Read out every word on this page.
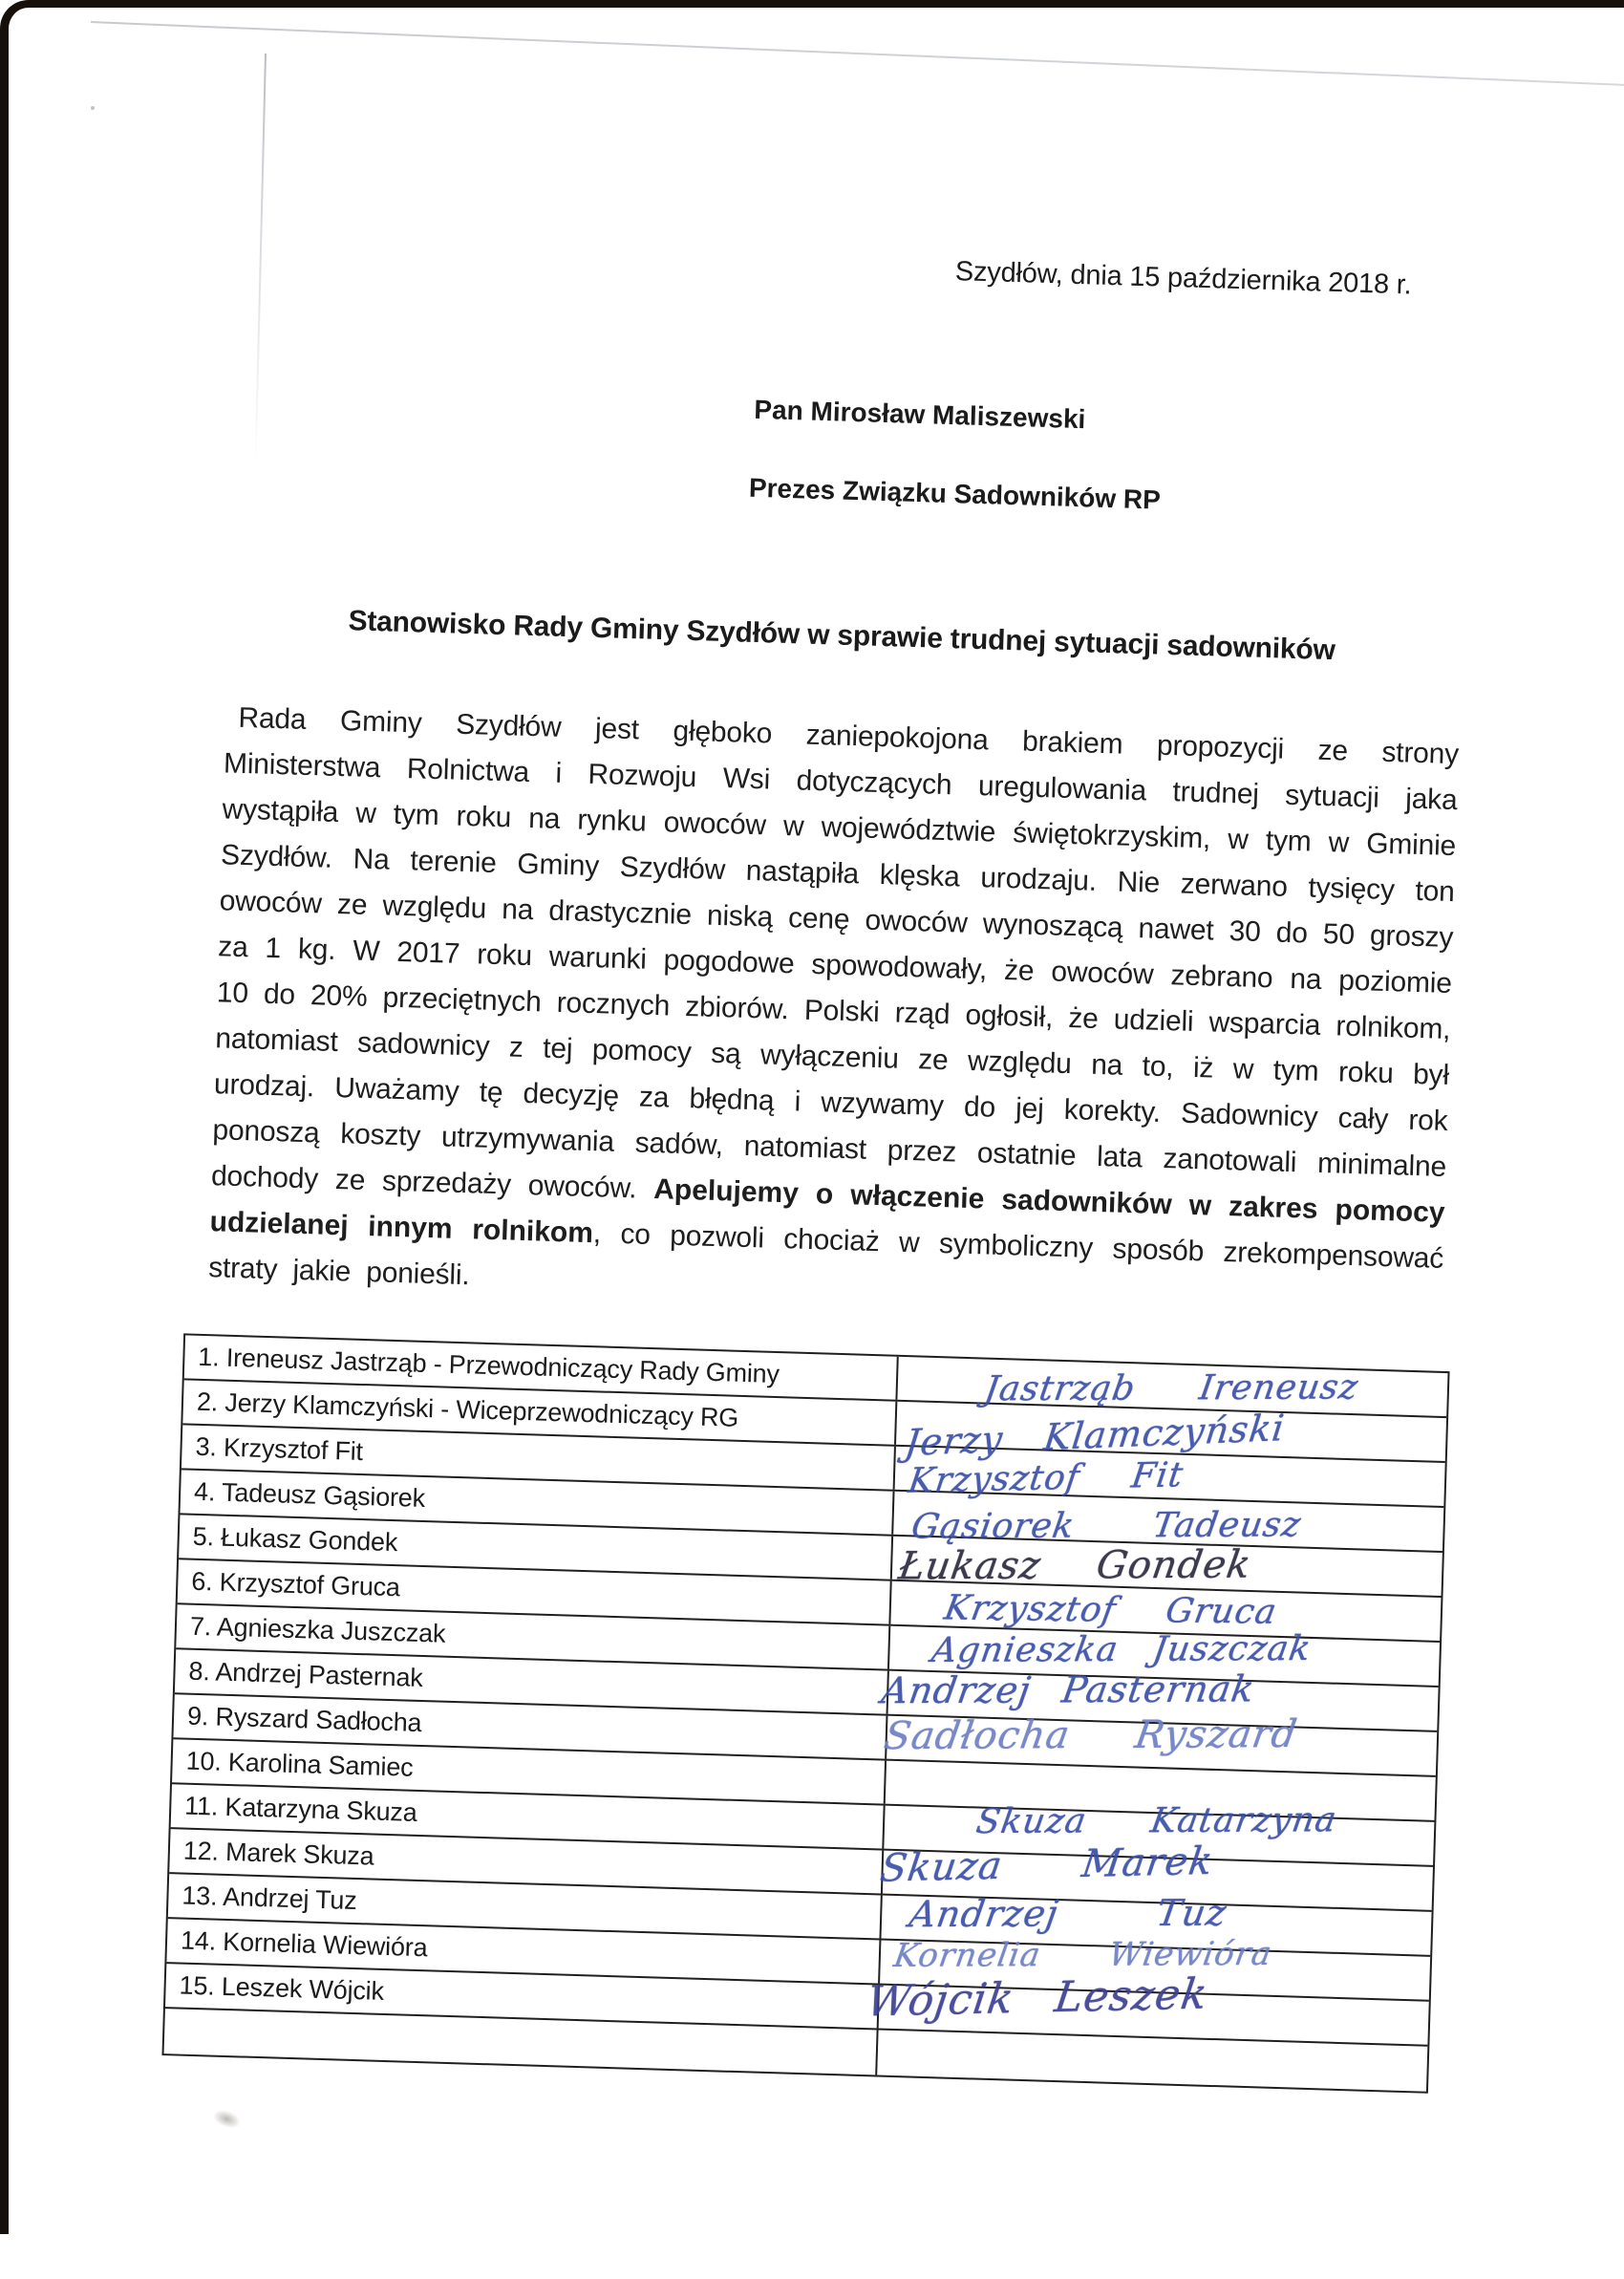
Szydłów, dnia 15 października 2018 r.
Pan Mirosław Maliszewski
Prezes Związku Sadowników RP
Stanowisko Rady Gminy Szydłów w sprawie trudnej sytuacji sadowników

Rada Gminy Szydłów jest głęboko zaniepokojona brakiem propozycji ze strony Ministerstwa Rolnictwa i Rozwoju Wsi dotyczących uregulowania trudnej sytuacji jaka wystąpiła w tym roku na rynku owoców w województwie świętokrzyskim, w tym w Gminie Szydłów. Na terenie Gminy Szydłów nastąpiła klęska urodzaju. Nie zerwano tysięcy ton owoców ze względu na drastycznie niską cenę owoców wynoszącą nawet 30 do 50 groszy za 1 kg. W 2017 roku warunki pogodowe spowodowały, że owoców zebrano na poziomie 10 do 20% przeciętnych rocznych zbiorów. Polski rząd ogłosił, że udzieli wsparcia rolnikom, natomiast sadownicy z tej pomocy są wyłączeniu ze względu na to, iż w tym roku był urodzaj. Uważamy tę decyzję za błędną i wzywamy do jej korekty. Sadownicy cały rok ponoszą koszty utrzymywania sadów, natomiast przez ostatnie lata zanotowali minimalne dochody ze sprzedaży owoców. Apelujemy o włączenie sadowników w zakres pomocy udzielanej innym rolnikom, co pozwoli chociaż w symboliczny sposób zrekompensować straty jakie ponieśli.

1. Ireneusz Jastrząb - Przewodniczący Rady Gminy
2. Jerzy Klamczyński - Wiceprzewodniczący RG
3. Krzysztof Fit
4. Tadeusz Gąsiorek
5. Łukasz Gondek
6. Krzysztof Gruca
7. Agnieszka Juszczak
8. Andrzej Pasternak
9. Ryszard Sadłocha
10. Karolina Samiec
11. Katarzyna Skuza
12. Marek Skuza
13. Andrzej Tuz
14. Kornelia Wiewióra
15. Leszek Wójcik
Jastrząb Ireneusz
Jerzy Klamczyński
Krzysztof Fit
Gąsiorek Tadeusz
Łukasz Gondek
Krzysztof Gruca
Agnieszka Juszczak
Andrzej Pasternak
Sadłocha Ryszard
Skuza Katarzyna
Skuza Marek
Andrzej Tuz
Kornelia Wiewióra
Wójcik Leszek
